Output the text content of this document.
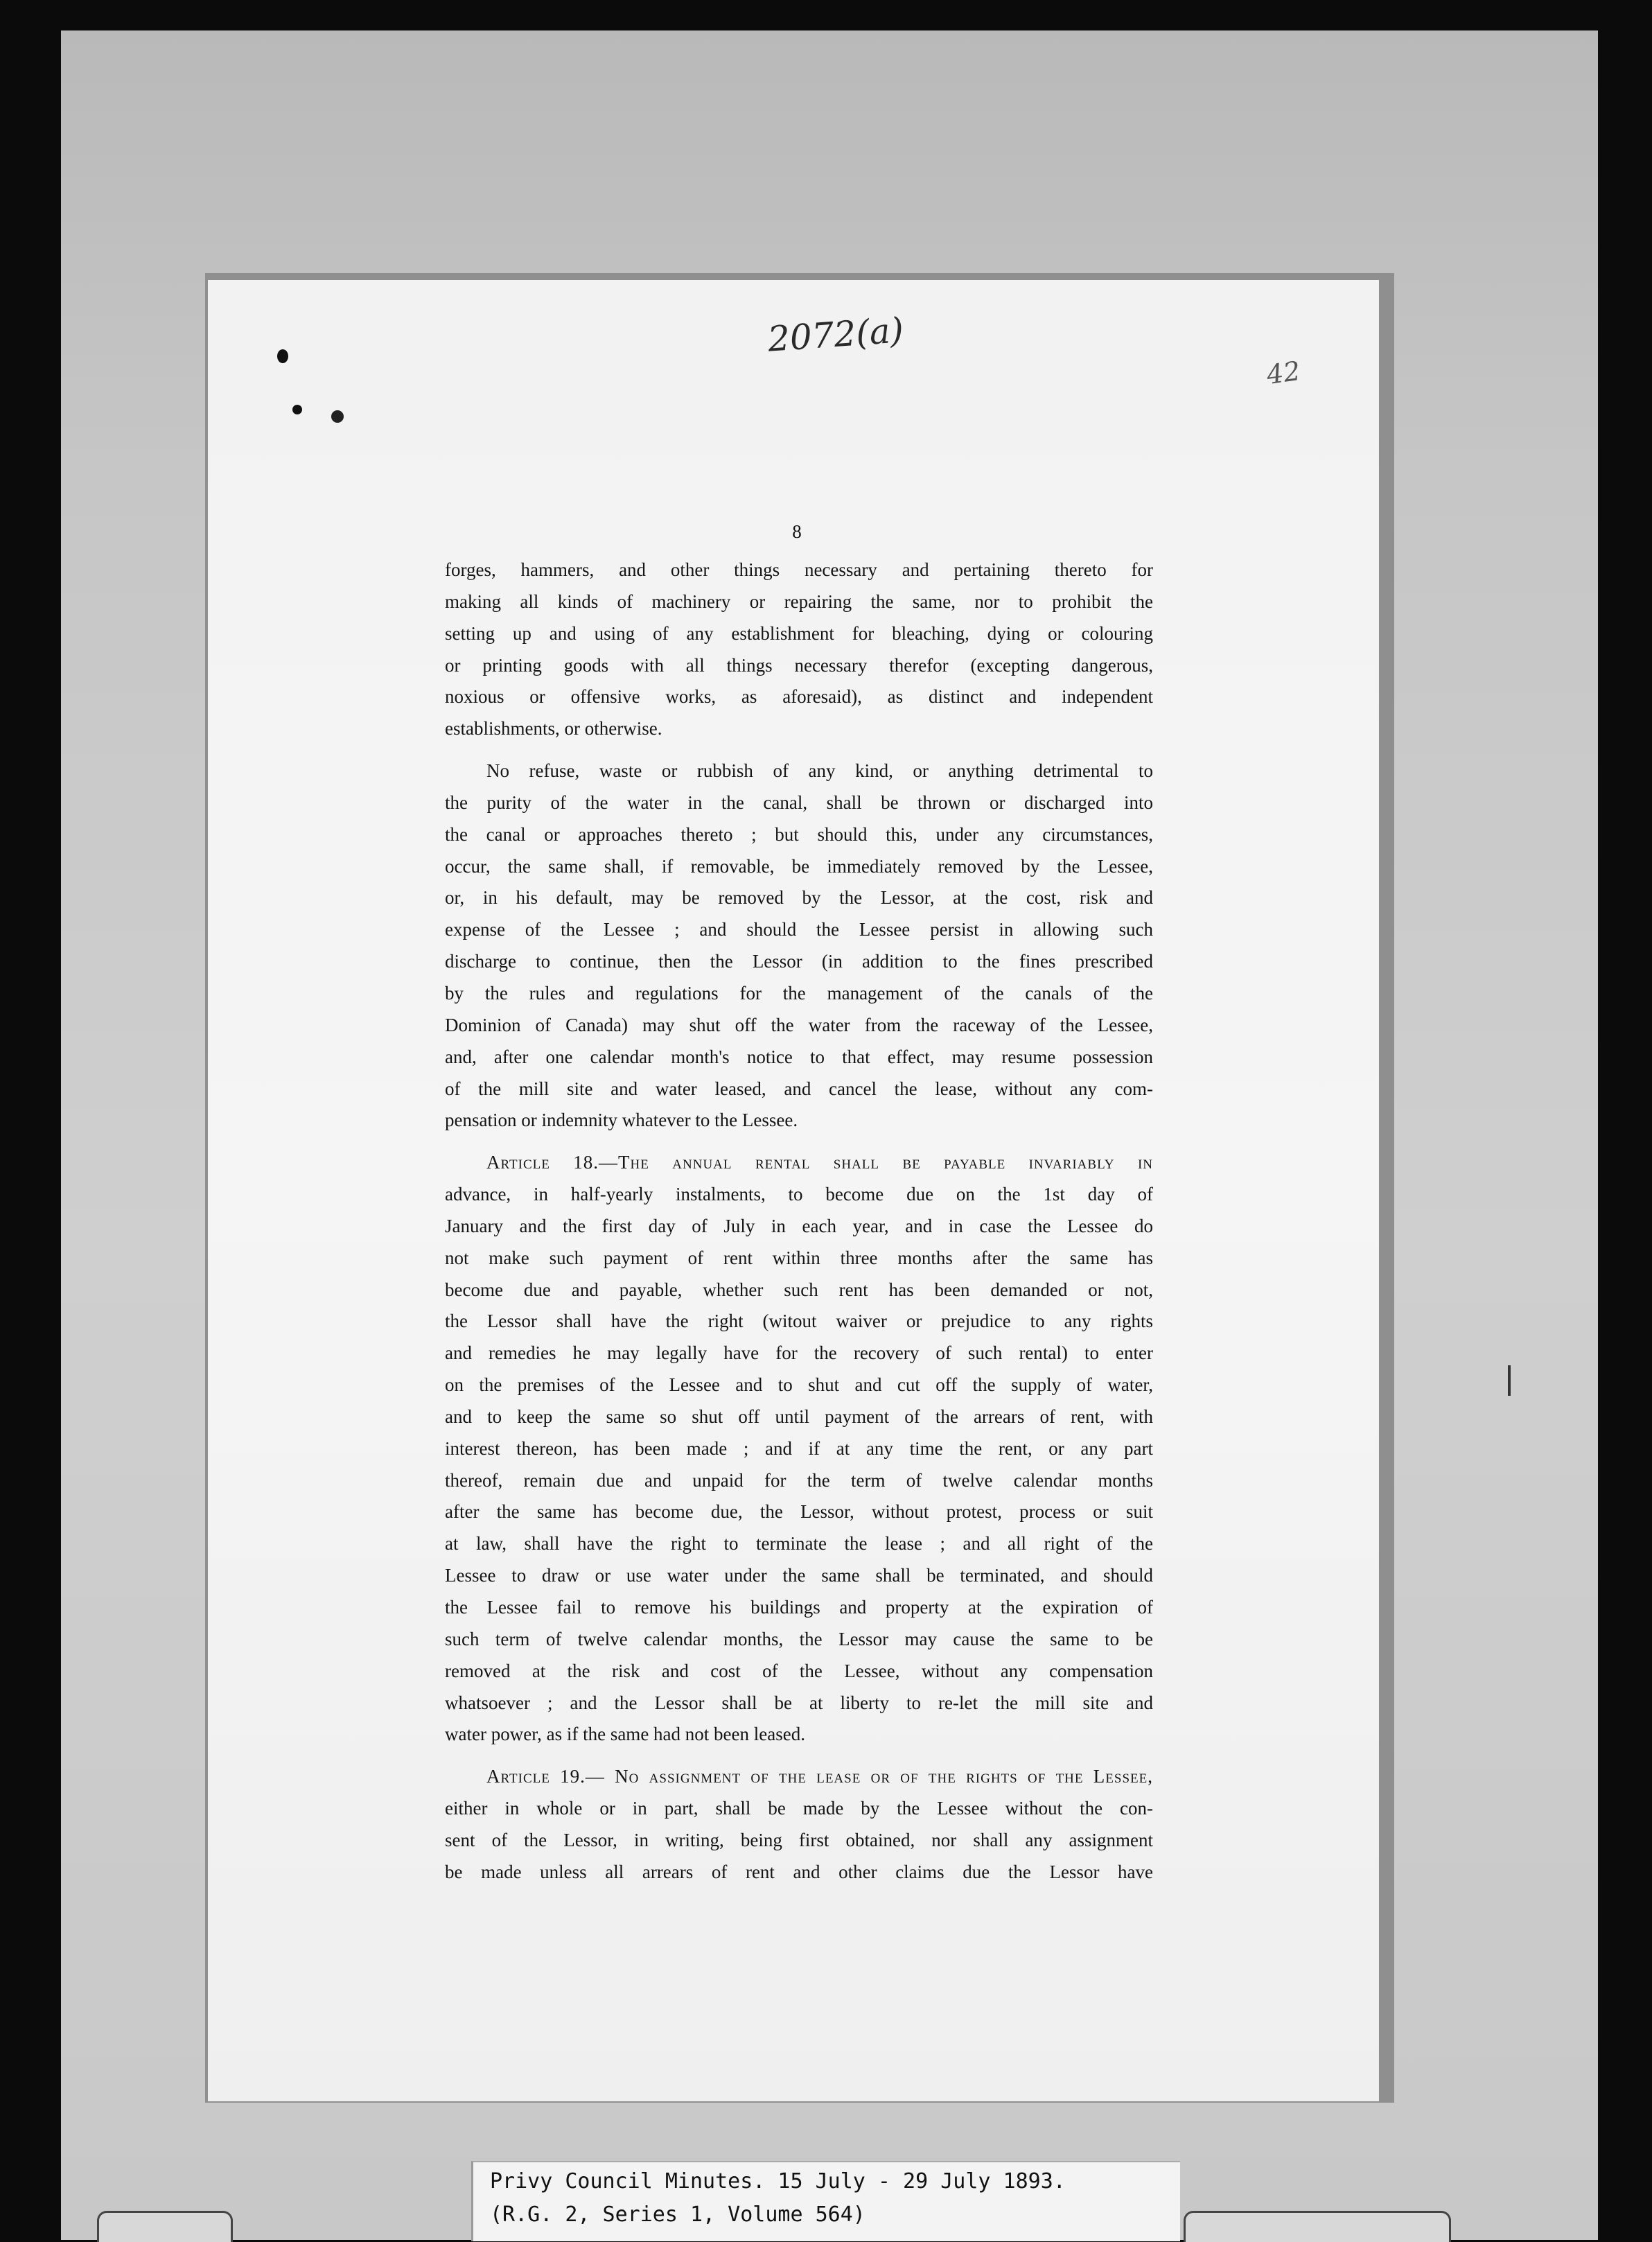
2072(a)
42
8

forges, hammers, and other things necessary and pertaining thereto for

making all kinds of machinery or repairing the same, nor to prohibit the

setting up and using of any establishment for bleaching, dying or colouring

or printing goods with all things necessary therefor (excepting dangerous,

noxious or offensive works, as aforesaid), as distinct and independent

establishments, or otherwise.

No refuse, waste or rubbish of any kind, or anything detrimental to

the purity of the water in the canal, shall be thrown or discharged into

the canal or approaches thereto ; but should this, under any circumstances,

occur, the same shall, if removable, be immediately removed by the Lessee,

or, in his default, may be removed by the Lessor, at the cost, risk and

expense of the Lessee ; and should the Lessee persist in allowing such

discharge to continue, then the Lessor (in addition to the fines prescribed

by the rules and regulations for the management of the canals of the

Dominion of Canada) may shut off the water from the raceway of the Lessee,

and, after one calendar month's notice to that effect, may resume possession

of the mill site and water leased, and cancel the lease, without any com-

pensation or indemnity whatever to the Lessee.

Article 18.—The annual rental shall be payable invariably in

advance, in half-yearly instalments, to become due on the 1st day of

January and the first day of July in each year, and in case the Lessee do

not make such payment of rent within three months after the same has

become due and payable, whether such rent has been demanded or not,

the Lessor shall have the right (witout waiver or prejudice to any rights

and remedies he may legally have for the recovery of such rental) to enter

on the premises of the Lessee and to shut and cut off the supply of water,

and to keep the same so shut off until payment of the arrears of rent, with

interest thereon, has been made ; and if at any time the rent, or any part

thereof, remain due and unpaid for the term of twelve calendar months

after the same has become due, the Lessor, without protest, process or suit

at law, shall have the right to terminate the lease ; and all right of the

Lessee to draw or use water under the same shall be terminated, and should

the Lessee fail to remove his buildings and property at the expiration of

such term of twelve calendar months, the Lessor may cause the same to be

removed at the risk and cost of the Lessee, without any compensation

whatsoever ; and the Lessor shall be at liberty to re-let the mill site and

water power, as if the same had not been leased.

Article 19.— No assignment of the lease or of the rights of the Lessee,

either in whole or in part, shall be made by the Lessee without the con-

sent of the Lessor, in writing, being first obtained, nor shall any assignment

be made unless all arrears of rent and other claims due the Lessor have

Privy Council Minutes. 15 July - 29 July 1893.
(R.G. 2, Series 1, Volume 564)
